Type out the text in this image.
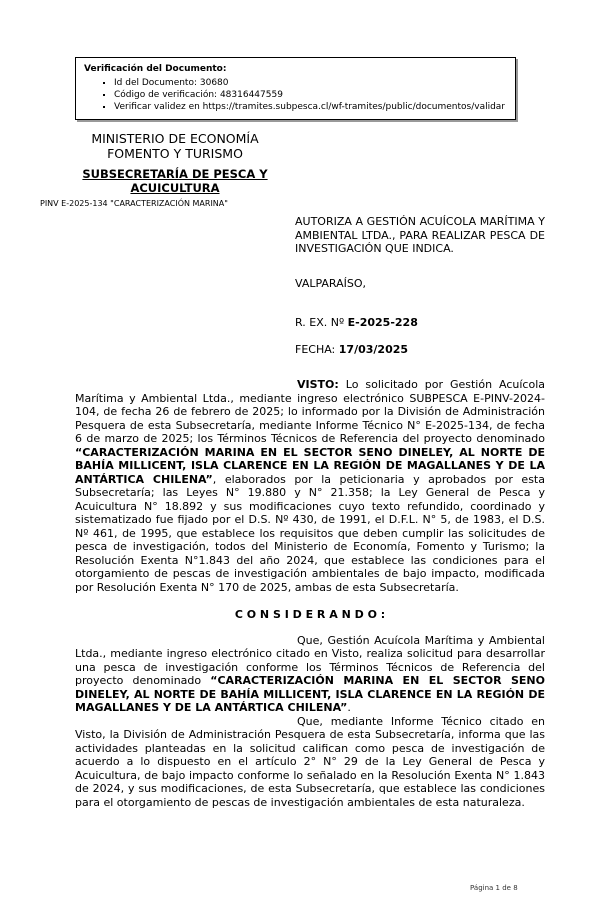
Verificación del Documento:
▪ Id del Documento: 30680
▪ Código de verificación: 48316447559
▪ Verificar validez en https://tramites.subpesca.cl/wf-tramites/public/documentos/validar
MINISTERIO DE ECONOMÍA
FOMENTO Y TURISMO
SUBSECRETARÍA DE PESCA Y
ACUICULTURA
PINV E-2025-134 "CARACTERIZACIÓN MARINA"
AUTORIZA A GESTIÓN ACUÍCOLA MARÍTIMA Y AMBIENTAL LTDA., PARA REALIZAR PESCA DE INVESTIGACIÓN QUE INDICA.
VALPARAÍSO,
R. EX. Nº E-2025-228
FECHA: 17/03/2025

VISTO: Lo solicitado por Gestión Acuícola Marítima y Ambiental Ltda., mediante ingreso electrónico SUBPESCA E-PINV-2024-104, de fecha 26 de febrero de 2025; lo informado por la División de Administración Pesquera de esta Subsecretaría, mediante Informe Técnico N° E-2025-134, de fecha 6 de marzo de 2025; los Términos Técnicos de Referencia del proyecto denominado “CARACTERIZACIÓN MARINA EN EL SECTOR SENO DINELEY, AL NORTE DE BAHÍA MILLICENT, ISLA CLARENCE EN LA REGIÓN DE MAGALLANES Y DE LA ANTÁRTICA CHILENA”, elaborados por la peticionaria y aprobados por esta Subsecretaría; las Leyes N° 19.880 y N° 21.358; la Ley General de Pesca y Acuicultura N° 18.892 y sus modificaciones cuyo texto refundido, coordinado y sistematizado fue fijado por el D.S. Nº 430, de 1991, el D.F.L. N° 5, de 1983, el D.S. Nº 461, de 1995, que establece los requisitos que deben cumplir las solicitudes de pesca de investigación, todos del Ministerio de Economía, Fomento y Turismo; la Resolución Exenta N°1.843 del año 2024, que establece las condiciones para el otorgamiento de pescas de investigación ambientales de bajo impacto, modificada por Resolución Exenta N° 170 de 2025, ambas de esta Subsecretaría.

C O N S I D E R A N D O :

Que, Gestión Acuícola Marítima y Ambiental Ltda., mediante ingreso electrónico citado en Visto, realiza solicitud para desarrollar una pesca de investigación conforme los Términos Técnicos de Referencia del proyecto denominado “CARACTERIZACIÓN MARINA EN EL SECTOR SENO DINELEY, AL NORTE DE BAHÍA MILLICENT, ISLA CLARENCE EN LA REGIÓN DE MAGALLANES Y DE LA ANTÁRTICA CHILENA”.

Que, mediante Informe Técnico citado en Visto, la División de Administración Pesquera de esta Subsecretaría, informa que las actividades planteadas en la solicitud califican como pesca de investigación de acuerdo a lo dispuesto en el artículo 2° N° 29 de la Ley General de Pesca y Acuicultura, de bajo impacto conforme lo señalado en la Resolución Exenta N° 1.843 de 2024, y sus modificaciones, de esta Subsecretaría, que establece las condiciones para el otorgamiento de pescas de investigación ambientales de esta naturaleza.

Página 1 de 8
